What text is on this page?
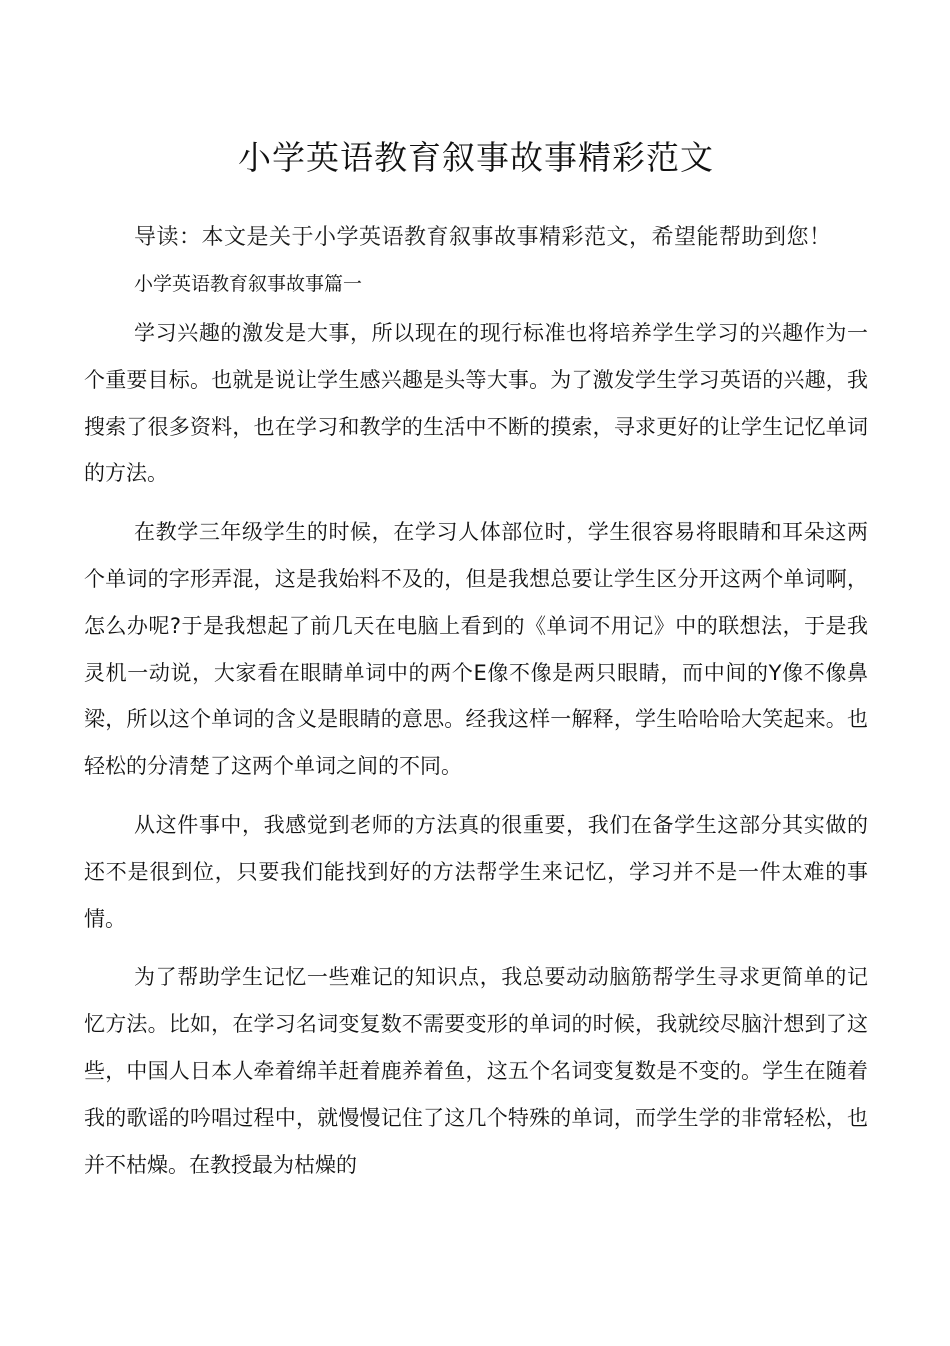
小学英语教育叙事故事精彩范文

导读：本文是关于小学英语教育叙事故事精彩范文，希望能帮助到您！

小学英语教育叙事故事篇一

学习兴趣的激发是大事，所以现在的现行标准也将培养学生学习的兴趣作为一个重要目标。也就是说让学生感兴趣是头等大事。为了激发学生学习英语的兴趣，我搜索了很多资料，也在学习和教学的生活中不断的摸索，寻求更好的让学生记忆单词的方法。

在教学三年级学生的时候，在学习人体部位时，学生很容易将眼睛和耳朵这两个单词的字形弄混，这是我始料不及的，但是我想总要让学生区分开这两个单词啊，怎么办呢?于是我想起了前几天在电脑上看到的《单词不用记》中的联想法，于是我灵机一动说，大家看在眼睛单词中的两个E像不像是两只眼睛，而中间的Y像不像鼻梁，所以这个单词的含义是眼睛的意思。经我这样一解释，学生哈哈哈大笑起来。也轻松的分清楚了这两个单词之间的不同。

从这件事中，我感觉到老师的方法真的很重要，我们在备学生这部分其实做的还不是很到位，只要我们能找到好的方法帮学生来记忆，学习并不是一件太难的事情。

为了帮助学生记忆一些难记的知识点，我总要动动脑筋帮学生寻求更简单的记忆方法。比如，在学习名词变复数不需要变形的单词的时候，我就绞尽脑汁想到了这些，中国人日本人牵着绵羊赶着鹿养着鱼，这五个名词变复数是不变的。学生在随着我的歌谣的吟唱过程中，就慢慢记住了这几个特殊的单词，而学生学的非常轻松，也并不枯燥。在教授最为枯燥的
